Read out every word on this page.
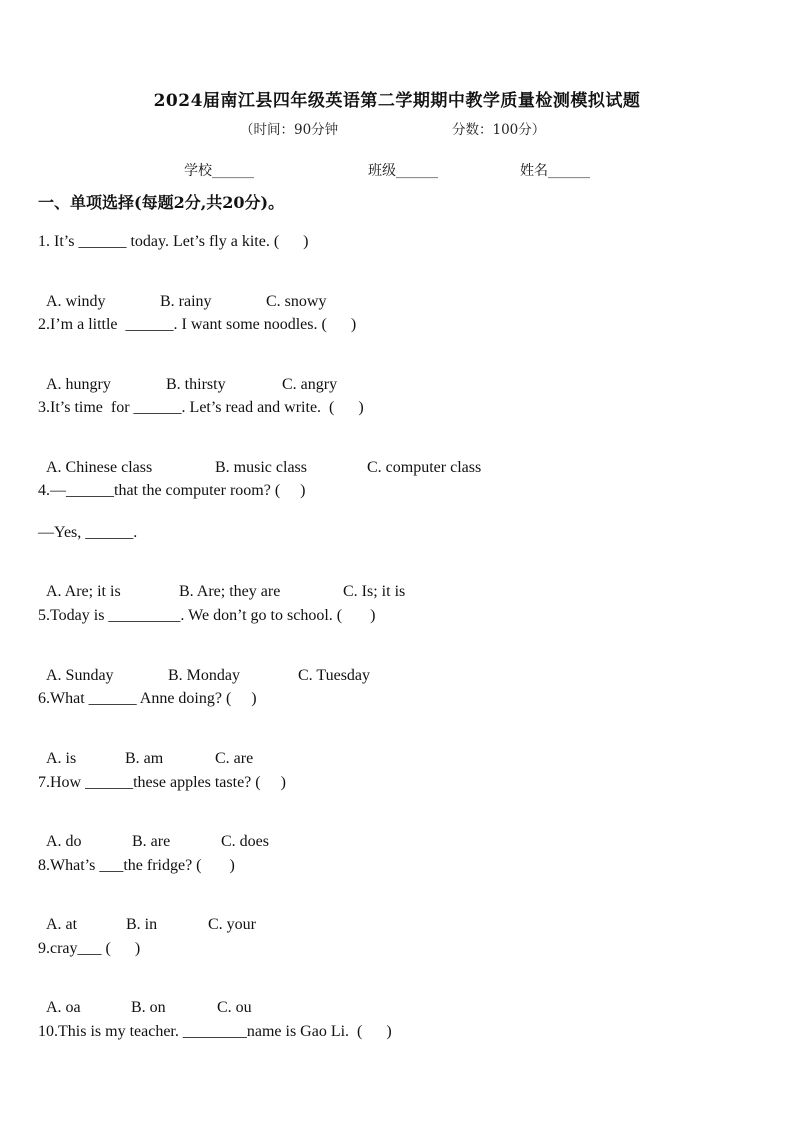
2024届南江县四年级英语第二学期期中教学质量检测模拟试题
（时间：90分钟	分数：100分）
学校______	班级______	姓名______
一、单项选择(每题2分,共20分)。
1. It’s ______ today. Let’s fly a kite. (      )

A. windy	B. rainy	C. snowy

2.I’m a little  ______. I want some noodles. (      )

A. hungry	B. thirsty	C. angry

3.It’s time  for ______. Let’s read and write.  (      )

A. Chinese class	B. music class	C. computer class

4.—______that the computer room? (     )
—Yes, ______.

A. Are; it is	B. Are; they are	C. Is; it is

5.Today is _________. We don’t go to school. (       )

A. Sunday	B. Monday	C. Tuesday

6.What ______ Anne doing? (     )

A. is	B. am	C. are

7.How ______these apples taste? (     )

A. do	B. are	C. does

8.What’s ___the fridge? (       )

A. at	B. in	C. your

9.cray___ (      )

A. oa	B. on	C. ou

10.This is my teacher. ________name is Gao Li.  (      )
